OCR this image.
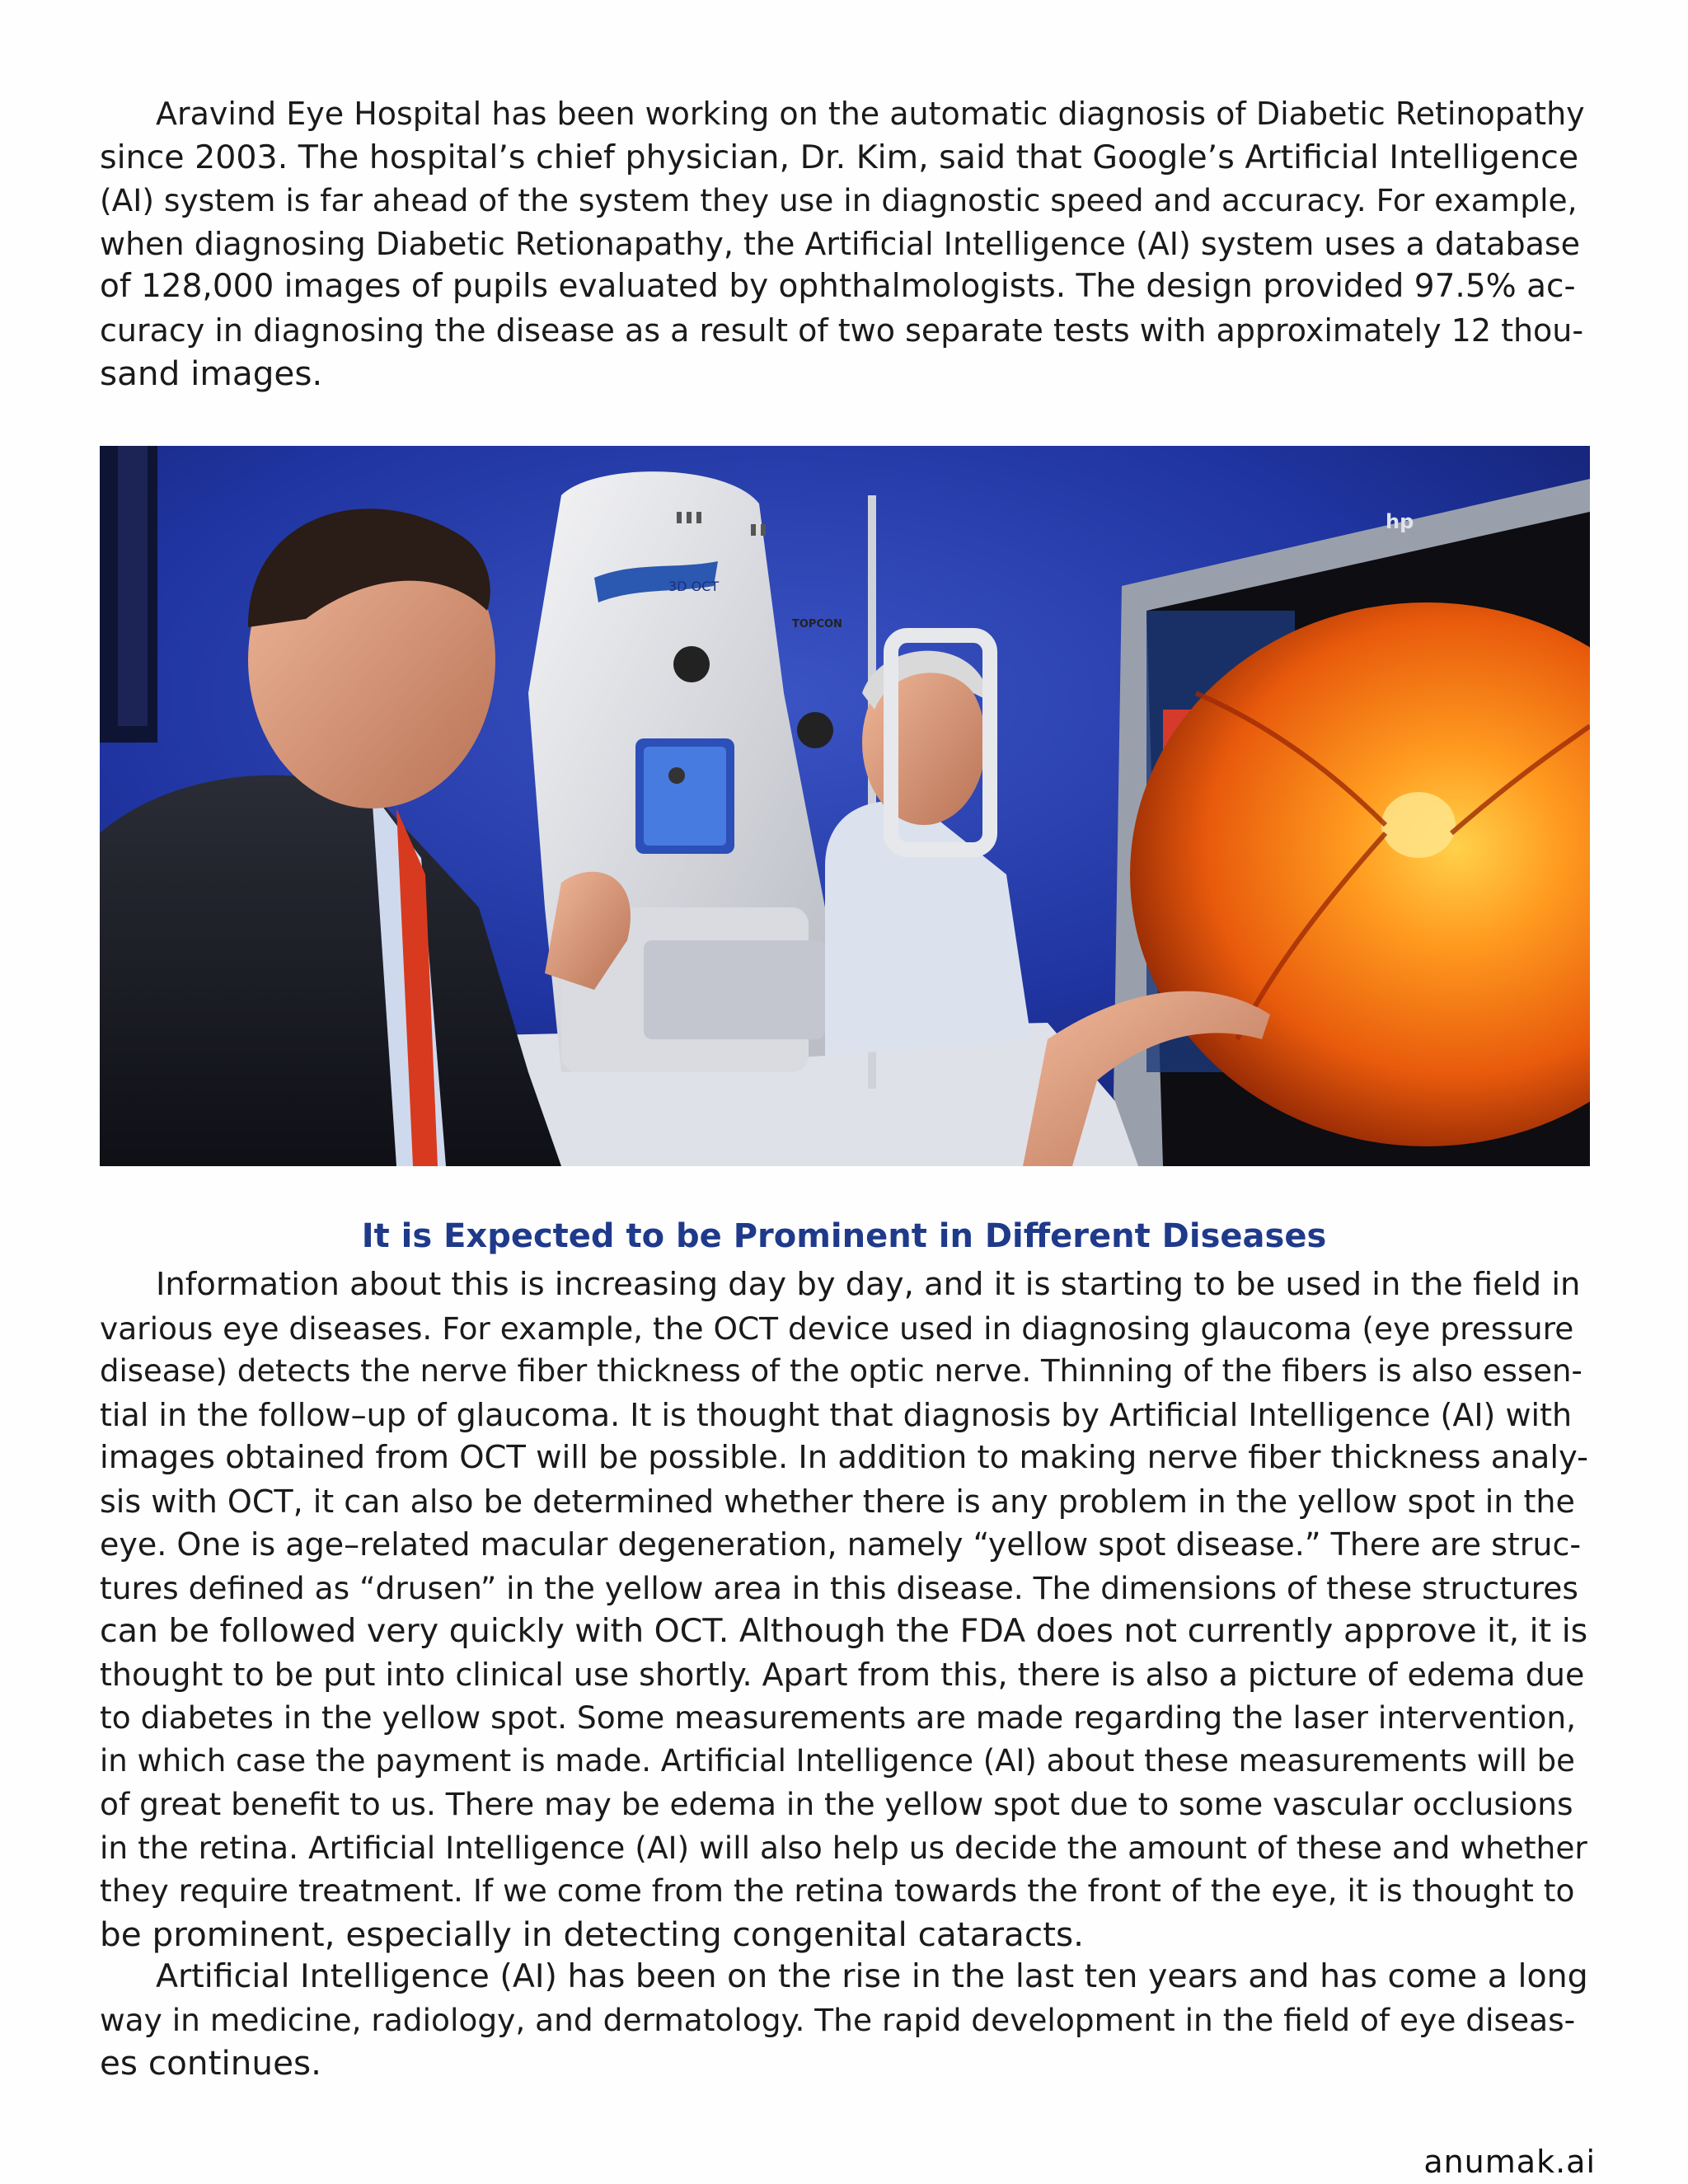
Aravind Eye Hospital has been working on the automatic diagnosis of Diabetic Retinopathy
since 2003. The hospital’s chief physician, Dr. Kim, said that Google’s Artificial Intelligence
(AI) system is far ahead of the system they use in diagnostic speed and accuracy. For example,
when diagnosing Diabetic Retionapathy, the Artificial Intelligence (AI) system uses a database
of 128,000 images of pupils evaluated by ophthalmologists. The design provided 97.5% ac-
curacy in diagnosing the disease as a result of two separate tests with approximately 12 thou-
sand images.

3D OCT
TOPCON
hp
It is Expected to be Prominent in Different Diseases

Information about this is increasing day by day, and it is starting to be used in the field in
various eye diseases. For example, the OCT device used in diagnosing glaucoma (eye pressure
disease) detects the nerve fiber thickness of the optic nerve. Thinning of the fibers is also essen-
tial in the follow–up of glaucoma. It is thought that diagnosis by Artificial Intelligence (AI) with
images obtained from OCT will be possible. In addition to making nerve fiber thickness analy-
sis with OCT, it can also be determined whether there is any problem in the yellow spot in the
eye. One is age–related macular degeneration, namely “yellow spot disease.” There are struc-
tures defined as “drusen” in the yellow area in this disease. The dimensions of these structures
can be followed very quickly with OCT. Although the FDA does not currently approve it, it is
thought to be put into clinical use shortly. Apart from this, there is also a picture of edema due
to diabetes in the yellow spot. Some measurements are made regarding the laser intervention,
in which case the payment is made. Artificial Intelligence (AI) about these measurements will be
of great benefit to us. There may be edema in the yellow spot due to some vascular occlusions
in the retina. Artificial Intelligence (AI) will also help us decide the amount of these and whether
they require treatment. If we come from the retina towards the front of the eye, it is thought to
be prominent, especially in detecting congenital cataracts.

Artificial Intelligence (AI) has been on the rise in the last ten years and has come a long
way in medicine, radiology, and dermatology. The rapid development in the field of eye diseas-
es continues.

anumak.ai
